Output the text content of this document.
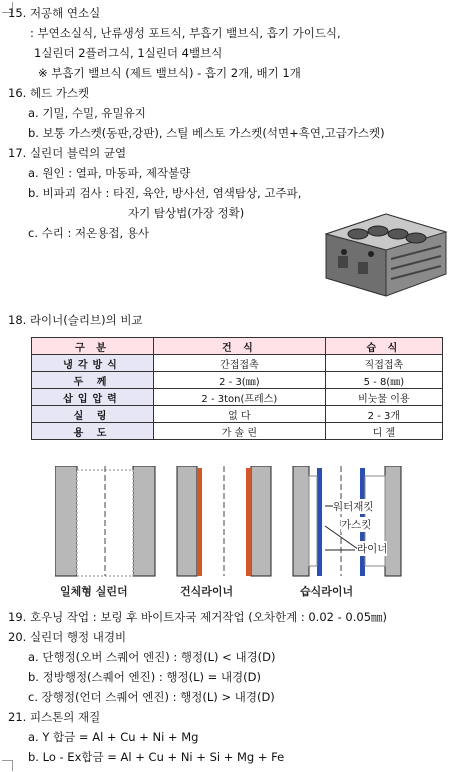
15. 저공해 연소실
: 부연소실식, 난류생성 포트식, 부흡기 밸브식, 흡기 가이드식,
1실린더 2플러그식, 1실린더 4밸브식
※ 부흡기 밸브식 (제트 밸브식) - 흡기 2개, 배기 1개
16. 헤드 가스켓
a. 기밀, 수밀, 유밀유지
b. 보통 가스켓(동판,강판), 스틸 베스토 가스켓(석면+흑연,고급가스켓)
17. 실린더 블럭의 균열
a. 원인 : 열파, 마동파, 제작불량
b. 비파괴 검사 : 타진, 육안, 방사선, 염색탐상, 고주파,
자기 탐상법(가장 정확)
c. 수리 : 저온용접, 용사
18. 라이너(슬리브)의 비교
구 분	건 식	습 식
냉각방식	간접접촉	직접접촉
두 께	2 - 3(㎜)	5 - 8(㎜)
삽입압력	2 - 3ton(프레스)	비눗물 이용
실 링	없 다	2 - 3개
용 도	가 솔 린	디 젤
워터재킷
가스킷
라이너
일체형 실린더	건식라이너	습식라이너
19. 호우닝 작업 : 보링 후 바이트자국 제거작업 (오차한계 : 0.02 - 0.05㎜)
20. 실린더 행정 내경비
a. 단행정(오버 스퀘어 엔진) : 행정(L) < 내경(D)
b. 정방행정(스퀘어 엔진) : 행정(L) = 내경(D)
c. 장행정(언더 스퀘어 엔진) : 행정(L) > 내경(D)
21. 피스톤의 재질
a. Y 합금 = Al + Cu + Ni + Mg
b. Lo - Ex합금 = Al + Cu + Ni + Si + Mg + Fe
